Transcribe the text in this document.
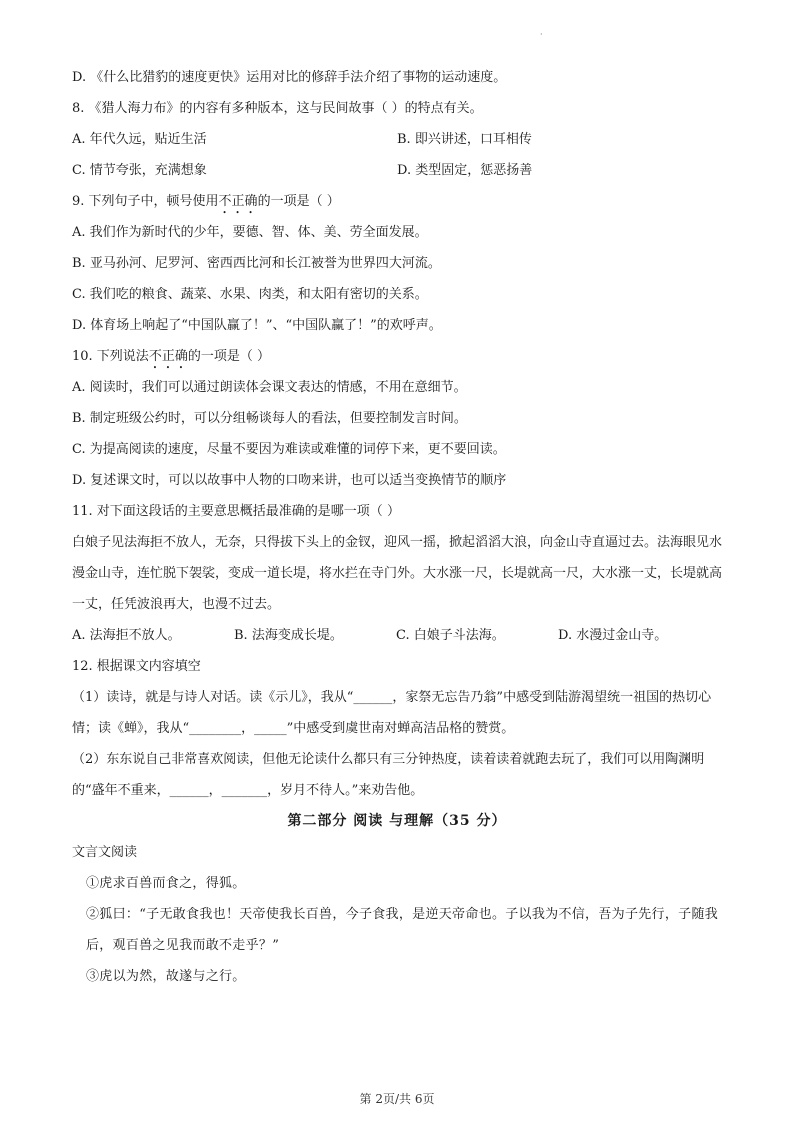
·
D. 《什么比猎豹的速度更快》运用对比的修辞手法介绍了事物的运动速度。
8. 《猎人海力布》的内容有多种版本，这与民间故事（ ）的特点有关。
A. 年代久远，贴近生活	B. 即兴讲述，口耳相传
C. 情节夸张，充满想象	D. 类型固定，惩恶扬善
9. 下列句子中，顿号使用不正确的一项是（ ）
A. 我们作为新时代的少年，要德、智、体、美、劳全面发展。
B. 亚马孙河、尼罗河、密西西比河和长江被誉为世界四大河流。
C. 我们吃的粮食、蔬菜、水果、肉类，和太阳有密切的关系。
D. 体育场上响起了“中国队赢了！”、“中国队赢了！”的欢呼声。
10. 下列说法不正确的一项是（ ）
A. 阅读时，我们可以通过朗读体会课文表达的情感，不用在意细节。
B. 制定班级公约时，可以分组畅谈每人的看法，但要控制发言时间。
C. 为提高阅读的速度，尽量不要因为难读或难懂的词停下来，更不要回读。
D. 复述课文时，可以以故事中人物的口吻来讲，也可以适当变换情节的顺序
11. 对下面这段话的主要意思概括最准确的是哪一项（ ）
白娘子见法海拒不放人，无奈，只得拔下头上的金钗，迎风一摇，掀起滔滔大浪，向金山寺直逼过去。法海眼见水漫金山寺，连忙脱下袈裟，变成一道长堤，将水拦在寺门外。大水涨一尺，长堤就高一尺，大水涨一丈，长堤就高一丈，任凭波浪再大，也漫不过去。
A. 法海拒不放人。	B. 法海变成长堤。	C. 白娘子斗法海。	D. 水漫过金山寺。
12. 根据课文内容填空
（1）读诗，就是与诗人对话。读《示儿》，我从“______，家祭无忘告乃翁”中感受到陆游渴望统一祖国的热切心情；读《蝉》，我从“________，_____”中感受到虞世南对蝉高洁品格的赞赏。
（2）东东说自己非常喜欢阅读，但他无论读什么都只有三分钟热度，读着读着就跑去玩了，我们可以用陶渊明的“盛年不重来，______，_______，岁月不待人。”来劝告他。
第二部分 阅读 与理解（35 分）
文言文阅读
①虎求百兽而食之，得狐。
②狐曰：“子无敢食我也！天帝使我长百兽，今子食我，是逆天帝命也。子以我为不信，吾为子先行，子随我后，观百兽之见我而敢不走乎？”
③虎以为然，故遂与之行。
第 2页/共 6页
